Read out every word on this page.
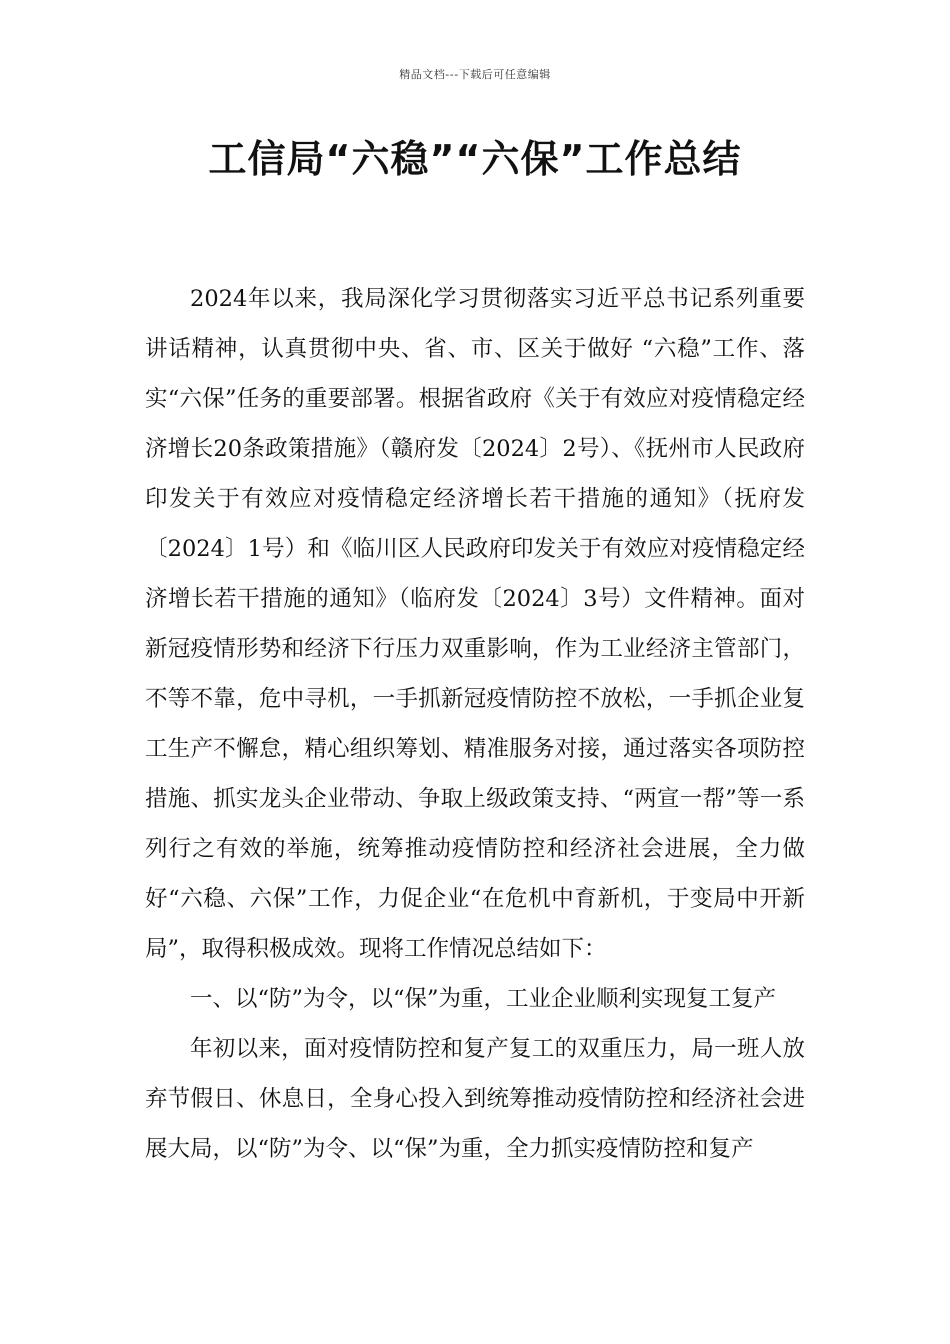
精品文档---下载后可任意编辑
工信局“六稳”“六保”工作总结

2024年以来，我局深化学习贯彻落实习近平总书记系列重要讲话精神，认真贯彻中央、省、市、区关于做好 “六稳”工作、落实“六保”任务的重要部署。根据省政府《关于有效应对疫情稳定经济增长20条政策措施》（赣府发〔2024〕2号）、《抚州市人民政府印发关于有效应对疫情稳定经济增长若干措施的通知》（抚府发〔2024〕1号）和《临川区人民政府印发关于有效应对疫情稳定经济增长若干措施的通知》（临府发〔2024〕3号）文件精神。面对新冠疫情形势和经济下行压力双重影响，作为工业经济主管部门，不等不靠，危中寻机，一手抓新冠疫情防控不放松，一手抓企业复工生产不懈怠，精心组织筹划、精准服务对接，通过落实各项防控措施、抓实龙头企业带动、争取上级政策支持、“两宣一帮”等一系列行之有效的举施，统筹推动疫情防控和经济社会进展，全力做好“六稳、六保”工作，力促企业“在危机中育新机，于变局中开新局”，取得积极成效。现将工作情况总结如下：

一、以“防”为令，以“保”为重，工业企业顺利实现复工复产

年初以来，面对疫情防控和复产复工的双重压力，局一班人放弃节假日、休息日，全身心投入到统筹推动疫情防控和经济社会进展大局，以“防”为令、以“保”为重，全力抓实疫情防控和复产
